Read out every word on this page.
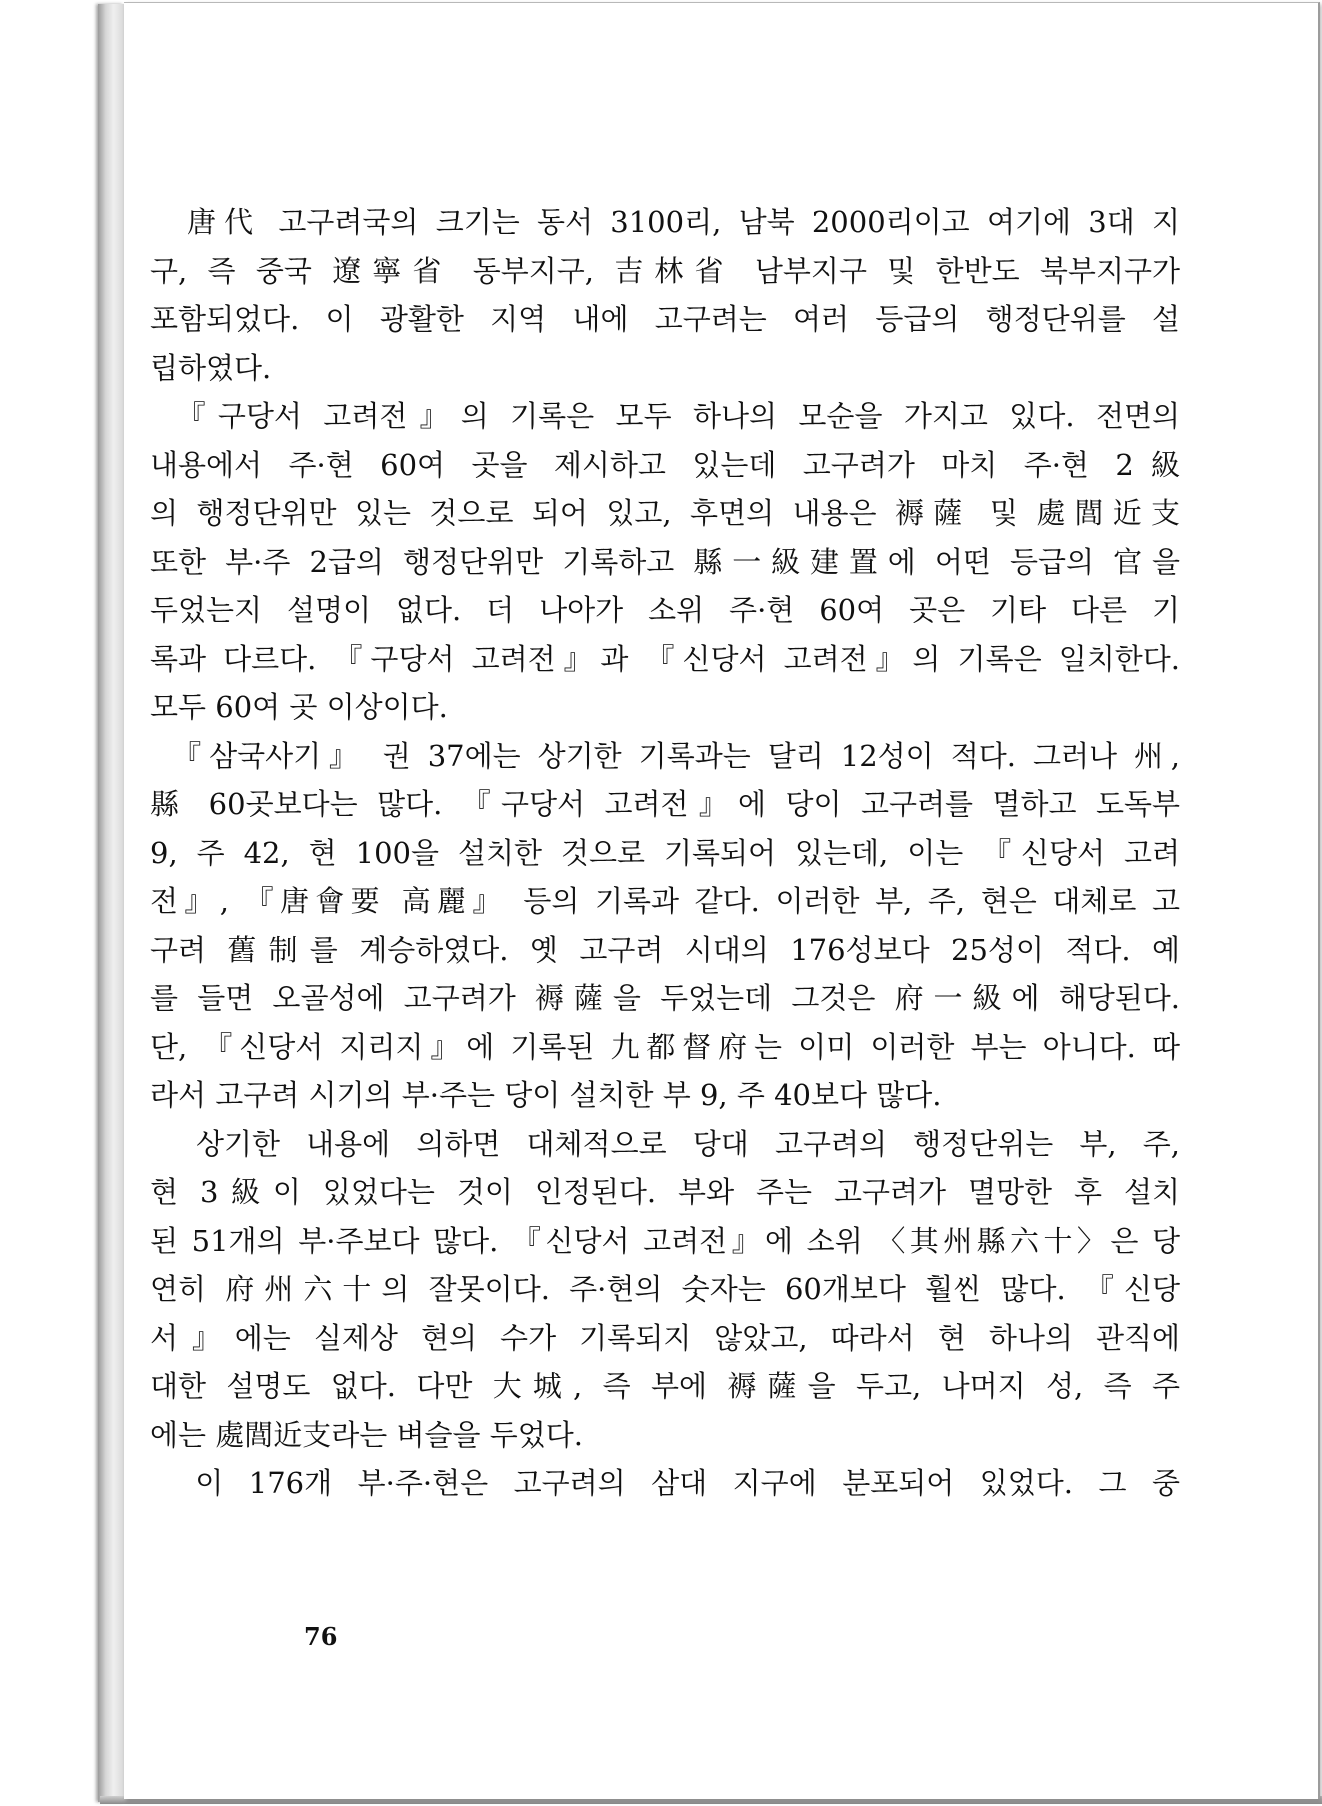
　唐代 고구려국의 크기는 동서 3100리, 남북 2000리이고 여기에 3대 지
구, 즉 중국 遼寧省 동부지구, 吉林省 남부지구 및 한반도 북부지구가
포함되었다. 이 광활한 지역 내에 고구려는 여러 등급의 행정단위를 설
립하였다.
　『구당서 고려전』의 기록은 모두 하나의 모순을 가지고 있다. 전면의
내용에서 주·현 60여 곳을 제시하고 있는데 고구려가 마치 주·현 2級
의 행정단위만 있는 것으로 되어 있고, 후면의 내용은 褥薩 및 處閭近支
또한 부·주 2급의 행정단위만 기록하고 縣一級建置에 어떤 등급의 官을
두었는지 설명이 없다. 더 나아가 소위 주·현 60여 곳은 기타 다른 기
록과 다르다. 『구당서 고려전』과 『신당서 고려전』의 기록은 일치한다.
모두 60여 곳 이상이다.
　『삼국사기』 권 37에는 상기한 기록과는 달리 12성이 적다. 그러나 州,
縣 60곳보다는 많다. 『구당서 고려전』에 당이 고구려를 멸하고 도독부
9, 주 42, 현 100을 설치한 것으로 기록되어 있는데, 이는 『신당서 고려
전』, 『唐會要 高麗』 등의 기록과 같다. 이러한 부, 주, 현은 대체로 고
구려 舊制를 계승하였다. 옛 고구려 시대의 176성보다 25성이 적다. 예
를 들면 오골성에 고구려가 褥薩을 두었는데 그것은 府一級에 해당된다.
단, 『신당서 지리지』에 기록된 九都督府는 이미 이러한 부는 아니다. 따
라서 고구려 시기의 부·주는 당이 설치한 부 9, 주 40보다 많다.
　상기한 내용에 의하면 대체적으로 당대 고구려의 행정단위는 부, 주,
현 3級이 있었다는 것이 인정된다. 부와 주는 고구려가 멸망한 후 설치
된 51개의 부·주보다 많다. 『신당서 고려전』에 소위 〈其州縣六十〉은 당
연히 府州六十의 잘못이다. 주·현의 숫자는 60개보다 훨씬 많다. 『신당
서』에는 실제상 현의 수가 기록되지 않았고, 따라서 현 하나의 관직에
대한 설명도 없다. 다만 大城, 즉 부에 褥薩을 두고, 나머지 성, 즉 주
에는 處閭近支라는 벼슬을 두었다.
　이 176개 부·주·현은 고구려의 삼대 지구에 분포되어 있었다. 그 중
76
